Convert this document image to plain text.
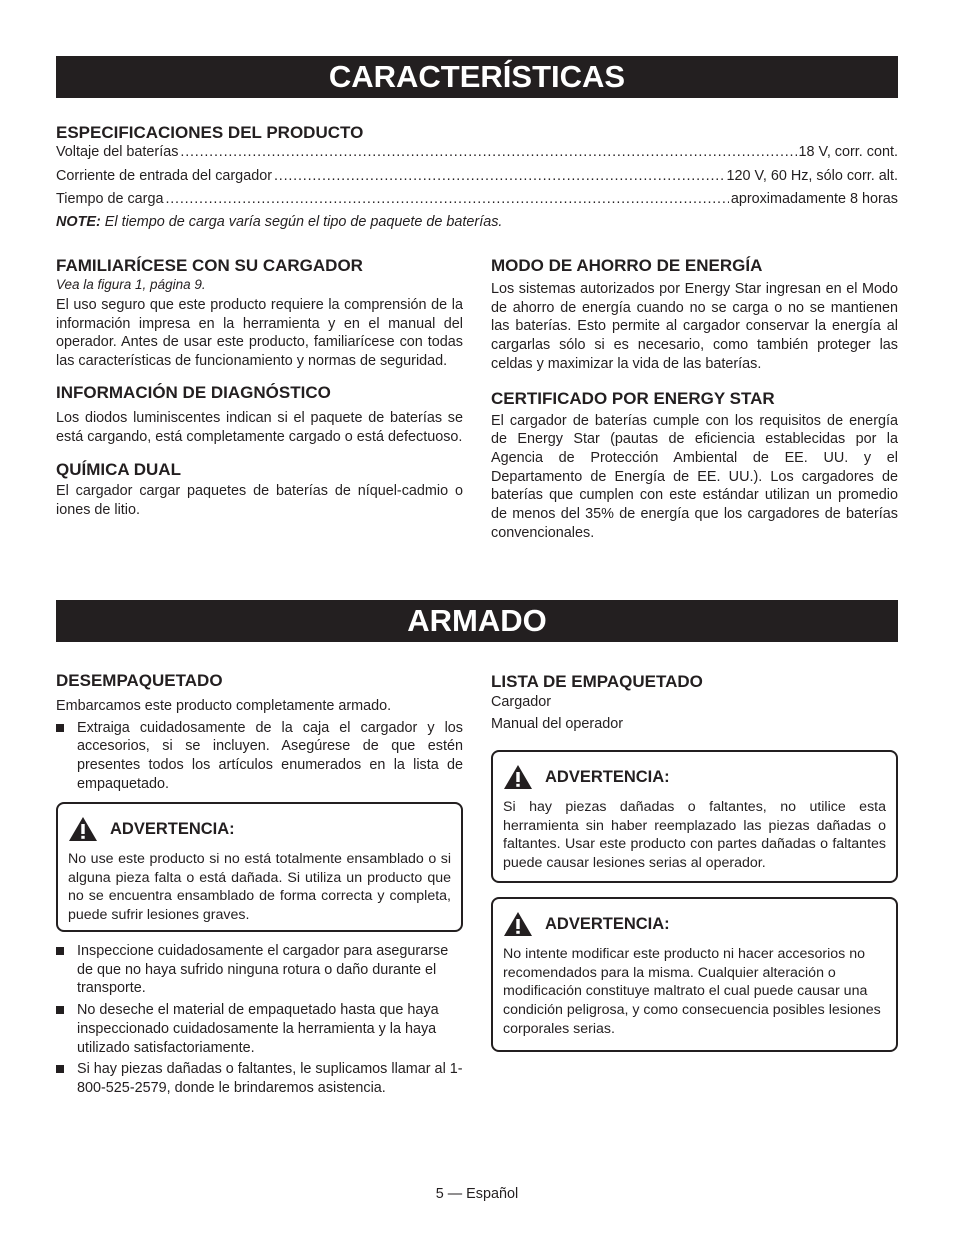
CARACTERÍSTICAS
ESPECIFICACIONES DEL PRODUCTO
Voltaje del baterías . . .	18 V, corr. cont.
Corriente de entrada del cargador . . .	120 V, 60 Hz, sólo corr. alt.
Tiempo de carga . . .	aproximadamente 8 horas

NOTE: El tiempo de carga varía según el tipo de paquete de baterías.

FAMILIARÍCESE CON SU CARGADOR

Vea la figura 1, página 9.

El uso seguro que este producto requiere la comprensión de la información impresa en la herramienta y en el manual del operador. Antes de usar este producto, familiarícese con todas las características de funcionamiento y normas de seguridad.

INFORMACIÓN DE DIAGNÓSTICO

Los diodos luminiscentes indican si el paquete de baterías se está cargando, está completamente cargado o está defectuoso.

QUÍMICA DUAL

El cargador cargar paquetes de baterías de níquel-cadmio o iones de litio.

MODO DE AHORRO DE ENERGÍA

Los sistemas autorizados por Energy Star ingresan en el Modo de ahorro de energía cuando no se carga o no se mantienen las baterías. Esto permite al cargador conservar la energía al cargarlas sólo si es necesario, como también proteger las celdas y maximizar la vida de las baterías.

CERTIFICADO POR ENERGY STAR

El cargador de baterías cumple con los requisitos de energía de Energy Star (pautas de eficiencia establecidas por la Agencia de Protección Ambiental de EE. UU. y el Departamento de Energía de EE. UU.). Los cargadores de baterías que cumplen con este estándar utilizan un promedio de menos del 35% de energía que los cargadores de baterías convencionales.

ARMADO
DESEMPAQUETADO

Embarcamos este producto completamente armado.

Extraiga cuidadosamente de la caja el cargador y los accesorios, si se incluyen. Asegúrese de que estén presentes todos los artículos enumerados en la lista de empaquetado.
ADVERTENCIA:

No use este producto si no está totalmente ensamblado o si alguna pieza falta o está dañada. Si utiliza un producto que no se encuentra ensamblado de forma correcta y completa, puede sufrir lesiones graves.

Inspeccione cuidadosamente el cargador para asegurarse de que no haya sufrido ninguna rotura o daño durante el transporte.
No deseche el material de empaquetado hasta que haya inspeccionado cuidadosamente la herramienta y la haya utilizado satisfactoriamente.
Si hay piezas dañadas o faltantes, le suplicamos llamar al 1-800-525-2579, donde le brindaremos asistencia.
LISTA DE EMPAQUETADO

Cargador

Manual del operador

ADVERTENCIA:

Si hay piezas dañadas o faltantes, no utilice esta herramienta sin haber reemplazado las piezas dañadas o faltantes. Usar este producto con partes dañadas o faltantes puede causar lesiones serias al operador.

ADVERTENCIA:

No intente modificar este producto ni hacer accesorios no recomendados para la misma. Cualquier alteración o modificación constituye maltrato el cual puede causar una condición peligrosa, y como consecuencia posibles lesiones corporales serias.

5 — Español
